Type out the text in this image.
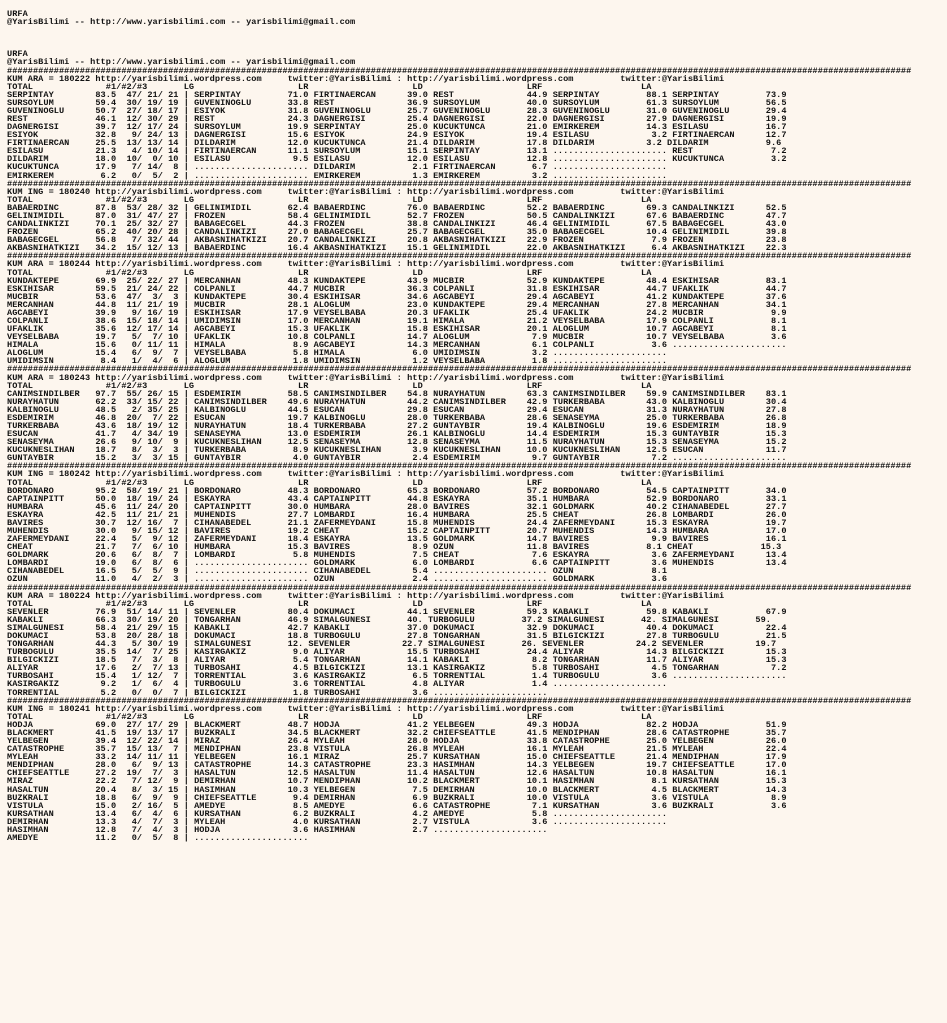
URFA
@YarisBilimi -- http://www.yarisbilimi.com -- yarisbilimi@gmail.com
URFA
@YarisBilimi -- http://www.yarisbilimi.com -- yarisbilimi@gmail.com
##############################################################################################################################################################################
KUM ARA = 180222 http://yarisbilimi.wordpress.com     twitter:@YarisBilimi : http://yarisbilimi.wordpress.com         twitter:@YarisBilimi
TOTAL              #1/#2/#3       LG                    LR                    LD                    LRF                   LA
SERPINTAY        83.5  47/ 21/ 21 | SERPINTAY         71.0 FIRTINAERCAN      39.0 REST              44.9 SERPINTAY         88.1 SERPINTAY         73.9
SURSOYLUM        59.4  30/ 19/ 19 | GUVENINOGLU       33.8 REST              36.9 SURSOYLUM         40.0 SURSOYLUM         61.3 SURSOYLUM         56.5
GUVENINOGLU      50.7  27/ 18/ 17 | ESIYOK            31.8 GUVENINOGLU       25.7 GUVENINOGLU       28.3 GUVENINOGLU       31.0 GUVENINOGLU       29.4
REST             46.1  12/ 30/ 29 | REST              24.3 DAGNERGISI        25.4 DAGNERGISI        22.0 DAGNERGISI        27.9 DAGNERGISI        19.9
DAGNERGISI       39.7  12/ 17/ 24 | SURSOYLUM         19.9 SERPINTAY         25.0 KUCUKTUNCA        21.0 EMIRKEREM         14.3 ESILASU           16.7
ESIYOK           32.8   9/ 24/ 13 | DAGNERGISI        15.6 ESIYOK            24.9 ESIYOK            19.4 ESILASU            3.2 FIRTINAERCAN      12.7
FIRTINAERCAN     25.5  13/ 13/ 14 | DILDARIM          12.0 KUCUKTUNCA        21.4 DILDARIM          17.8 DILDARIM          3.2 DILDARIM           9.6
ESILASU          21.3   4/ 10/ 14 | FIRTINAERCAN      11.1 SURSOYLUM         15.1 SERPINTAY         13.1 ...................... REST               7.2
DILDARIM         18.0  10/  0/ 10 | ESILASU            9.5 ESILASU           12.0 ESILASU           12.8 ...................... KUCUKTUNCA         3.2
KUCUKTUNCA       17.9   7/ 14/  8 | ...................... DILDARIM           2.1 FIRTINAERCAN       6.7 ......................
EMIRKEREM         6.2   0/  5/  2 | ...................... EMIRKEREM          1.3 EMIRKEREM          3.2 ......................
##############################################################################################################################################################################
KUM ING = 180240 http://yarisbilimi.wordpress.com     twitter:@YarisBilimi : http://yarisbilimi.wordpress.com         twitter:@YarisBilimi
TOTAL              #1/#2/#3       LG                    LR                    LD                    LRF                   LA
BABAERDINC       87.8  53/ 28/ 32 | GELINIMIDIL       62.4 BABAERDINC        76.0 BABAERDINC        52.2 BABAERDINC        69.3 CANDALINKIZI      52.5
GELINIMIDIL      87.0  31/ 47/ 27 | FROZEN            58.4 GELINIMIDIL       52.7 FROZEN            50.5 CANDALINKIZI      67.6 BABAERDINC        47.7
CANDALINKIZI     70.1  25/ 32/ 27 | BABAGECGEL        44.3 FROZEN            38.8 CANDALINKIZI      46.4 GELINIMIDIL       67.5 BABAGECGEL        43.0
FROZEN           65.2  40/ 20/ 28 | CANDALINKIZI      27.0 BABAGECGEL        25.7 BABAGECGEL        35.0 BABAGECGEL        10.4 GELINIMIDIL       39.8
BABAGECGEL       56.8   7/ 32/ 44 | AKBASNIHATKIZI    20.7 CANDALINKIZI      20.8 AKBASNIHATKIZI    22.9 FROZEN             7.9 FROZEN            23.8
AKBASNIHATKIZI   34.2  15/ 12/ 13 | BABAERDINC        16.4 AKBASNIHATKIZI    15.1 GELINIMIDIL       22.0 AKBASNIHATKIZI     6.4 AKBASNIHATKIZI    22.3
##############################################################################################################################################################################
KUM ARA = 180244 http://yarisbilimi.wordpress.com     twitter:@YarisBilimi : http://yarisbilimi.wordpress.com         twitter:@YarisBilimi
TOTAL              #1/#2/#3       LG                    LR                    LD                    LRF                   LA
KUNDAKTEPE       69.9  25/ 22/ 27 | MERCANHAN         48.3 KUNDAKTEPE        43.9 MUCBIR            52.9 KUNDAKTEPE        48.4 ESKIHISAR         83.1
ESKIHISAR        59.5  21/ 24/ 22 | COLPANLI          44.7 MUCBIR            36.3 COLPANLI          31.8 ESKIHISAR         44.7 UFAKLIK           44.7
MUCBIR           53.6  47/  3/  3 | KUNDAKTEPE        30.4 ESKIHISAR         34.6 AGCABEYI          29.4 AGCABEYI          41.2 KUNDAKTEPE        37.6
MERCANHAN        44.8  11/ 21/ 19 | MUCBIR            28.1 ALOGLUM           23.0 KUNDAKTEPE        29.4 MERCANHAN         27.8 MERCANHAN         34.1
AGCABEYI         39.9   9/ 16/ 19 | ESKIHISAR         17.9 VEYSELBABA        20.3 UFAKLIK           25.4 UFAKLIK           24.2 MUCBIR             9.9
COLPANLI         38.6  15/ 18/ 14 | UMIDIMSIN         17.0 MERCANHAN         19.1 HIMALA            21.2 VEYSELBABA        17.9 COLPANLI           8.1
UFAKLIK          35.6  12/ 17/ 14 | AGCABEYI          15.3 UFAKLIK           15.8 ESKIHISAR         20.1 ALOGLUM           10.7 AGCABEYI           8.1
VEYSELBABA       19.7   5/  7/ 10 | UFAKLIK           10.8 COLPANLI          14.7 ALOGLUM            7.9 MUCBIR            10.7 VEYSELBABA         3.6
HIMALA           15.6   0/ 11/ 11 | HIMALA             8.9 AGCABEYI          14.3 MERCANHAN          6.1 COLPANLI           3.6 ......................
ALOGLUM          15.4   6/  9/  7 | VEYSELBABA         5.8 HIMALA             6.0 UMIDIMSIN          3.2 ......................
UMIDIMSIN         8.4   1/  4/  6 | ALOGLUM            1.8 UMIDIMSIN          1.2 VEYSELBABA         1.8 ......................
##############################################################################################################################################################################
KUM ARA = 180243 http://yarisbilimi.wordpress.com     twitter:@YarisBilimi : http://yarisbilimi.wordpress.com         twitter:@YarisBilimi
TOTAL              #1/#2/#3       LG                    LR                    LD                    LRF                   LA
CANIMSINDILBER   97.7  55/ 26/ 15 | ESDEMIRIM         58.5 CANIMSINDILBER    54.8 NURAYHATUN        63.3 CANIMSINDILBER    59.9 CANIMSINDILBER    83.1
NURAYHATUN       62.2  33/ 15/ 22 | CANIMSINDILBER    49.6 NURAYHATUN        44.2 CANIMSINDILBER    42.9 TURKERBABA        43.0 KALBINOGLU        30.4
KALBINOGLU       48.5   2/ 35/ 25 | KALBINOGLU        44.5 ESUCAN            29.8 ESUCAN            29.4 ESUCAN            31.3 NURAYHATUN        27.8
ESDEMIRIM        46.8  20/  7/ 22 | ESUCAN            19.7 KALBINOGLU        28.0 TURKERBABA        28.6 SENASEYMA         25.0 TURKERBABA        26.8
TURKERBABA       43.6  18/ 19/ 12 | NURAYHATUN        18.4 TURKERBABA        27.2 GUNTAYBIR         19.4 KALBINOGLU        19.6 ESDEMIRIM         18.9
ESUCAN           41.7   4/ 34/ 19 | SENASEYMA         13.0 ESDEMIRIM         26.1 KALBINOGLU        14.4 ESDEMIRIM         15.3 GUNTAYBIR         15.3
SENASEYMA        26.6   9/ 10/  9 | KUCUKNESLIHAN     12.5 SENASEYMA         12.8 SENASEYMA         11.5 NURAYHATUN        15.3 SENASEYMA         15.2
KUCUKNESLIHAN    18.7   8/  3/  3 | TURKERBABA         8.9 KUCUKNESLIHAN      3.9 KUCUKNESLIHAN     10.0 KUCUKNESLIHAN     12.5 ESUCAN            11.7
GUNTAYBIR        15.2   3/  3/ 15 | GUNTAYBIR          4.0 GUNTAYBIR          2.4 ESDEMIRIM          9.7 GUNTAYBIR          7.2 ......................
##############################################################################################################################################################################
KUM ING = 180242 http://yarisbilimi.wordpress.com     twitter:@YarisBilimi : http://yarisbilimi.wordpress.com         twitter:@YarisBilimi
TOTAL              #1/#2/#3       LG                    LR                    LD                    LRF                   LA
BORDONARO        95.2  58/ 19/ 21 | BORDONARO         48.3 BORDONARO         65.3 BORDONARO         57.2 BORDONARO         54.5 CAPTAINPITT       34.0
CAPTAINPITT      50.0  18/ 19/ 24 | ESKAYRA           43.4 CAPTAINPITT       44.8 ESKAYRA           35.1 HUMBARA           52.9 BORDONARO         33.1
HUMBARA          45.6  11/ 24/ 20 | CAPTAINPITT       30.0 HUMBARA           28.0 BAVIRES           32.1 GOLDMARK          40.2 CIHANABEDEL       27.7
ESKAYRA          42.5  11/ 21/ 21 | MUHENDIS          27.7 LOMBARDI          16.4 HUMBARA           25.5 CHEAT             26.8 LOMBARDI          26.0
BAVIRES          30.7  12/ 16/  7 | CIHANABEDEL       21.1 ZAFERMEYDANI      15.8 MUHENDIS          24.4 ZAFERMEYDANI      15.3 ESKAYRA           19.7
MUHENDIS         30.0   9/ 15/ 12 | BAVIRES           19.2 CHEAT             15.2 CAPTAINPITT       20.7 MUHENDIS          14.3 HUMBARA           17.0
ZAFERMEYDANI     22.4   5/  9/ 12 | ZAFERMEYDANI      18.4 ESKAYRA           13.5 GOLDMARK          14.7 BAVIRES            9.9 BAVIRES           16.1
CHEAT            21.7   7/  6/ 10 | HUMBARA           15.3 BAVIRES            8.9 OZUN              11.8 BAVIRES           8.1 CHEAT             15.3
GOLDMARK         20.6   6/  8/  7 | LOMBARDI           5.8 MUHENDIS           7.5 CHEAT              7.6 ESKAYRA            3.6 ZAFERMEYDANI      13.4
LOMBARDI         19.0   6/  8/  6 | ...................... GOLDMARK           6.0 LOMBARDI           6.6 CAPTAINPITT        3.6 MUHENDIS          13.4
CIHANABEDEL      16.5   5/  5/  9 | ...................... CIHANABEDEL        5.4 ...................... OZUN               8.1
OZUN             11.0   4/  2/  3 | ...................... OZUN               2.4 ...................... GOLDMARK           3.6
##############################################################################################################################################################################
KUM ARA = 180224 http://yarisbilimi.wordpress.com     twitter:@YarisBilimi : http://yarisbilimi.wordpress.com         twitter:@YarisBilimi
TOTAL              #1/#2/#3       LG                    LR                    LD                    LRF                   LA
SEVENLER         76.9  51/ 14/ 11 | SEVENLER          80.4 DOKUMACI          44.1 SEVENLER          59.3 KABAKLI           59.8 KABAKLI           67.9
KABAKLI          66.3  30/ 19/ 20 | TONGARHAN         46.9 SIMALGUNESI       40. TURBOGULU         37.2 SIMALGUNESI       42. SIMALGUNESI       59.
SIMALGUNESI      58.4  21/ 29/ 15 | KABAKLI           42.7 KABAKLI           37.0 DOKUMACI          32.9 DOKUMACI          40.4 DOKUMACI          22.4
DOKUMACI         53.8  20/ 28/ 18 | DOKUMACI          18.8 TURBOGULU         27.8 TONGARHAN         31.5 BILGICKIZI        27.8 TURBOGULU         21.5
TONGARHAN        44.3   5/ 30/ 19 | SIMALGUNESI       12. SEVENLER          22.7 SIMALGUNESI       26. SEVENLER          24.2 SEVENLER          19.7
TURBOGULU        35.5  14/  7/ 25 | KASIRGAKIZ         9.0 ALIYAR            15.5 TURBOSAHI         24.4 ALIYAR            14.3 BILGICKIZI        15.3
BILGICKIZI       18.5   7/  3/  8 | ALIYAR             5.4 TONGARHAN         14.1 KABAKLI            8.2 TONGARHAN         11.7 ALIYAR            15.3
ALIYAR           17.6   2/  7/ 13 | TURBOSAHI          4.5 BILGICKIZI        13.1 KASIRGAKIZ         5.8 TURBOSAHI          4.5 TONGARHAN          7.2
TURBOSAHI        15.4   1/ 12/  7 | TORRENTIAL         3.6 KASIRGAKIZ         6.5 TORRENTIAL         1.4 TURBOGULU          3.6 ......................
KASIRGAKIZ        9.2   1/  6/  4 | TURBOGULU          3.6 TORRENTIAL         4.8 ALIYAR             1.4 ......................
TORRENTIAL        5.2   0/  0/  7 | BILGICKIZI         1.8 TURBOSAHI          3.6 ......................
##############################################################################################################################################################################
KUM ING = 180241 http://yarisbilimi.wordpress.com     twitter:@YarisBilimi : http://yarisbilimi.wordpress.com         twitter:@YarisBilimi
TOTAL              #1/#2/#3       LG                    LR                    LD                    LRF                   LA
HODJA            69.0  27/ 17/ 29 | BLACKMERT         48.7 HODJA             41.2 YELBEGEN          49.3 HODJA             82.2 HODJA             51.9
BLACKMERT        41.5  19/ 13/ 17 | BUZKRALI          34.5 BLACKMERT         32.2 CHIEFSEATTLE      41.5 MENDIPHAN         28.6 CATASTROPHE       35.7
YELBEGEN         39.4  12/ 22/ 14 | MIRAZ             26.4 MYLEAH            28.0 HODJA             33.8 CATASTROPHE       25.0 YELBEGEN          26.0
CATASTROPHE      35.7  15/ 13/  7 | MENDIPHAN         23.8 VISTULA           26.8 MYLEAH            16.1 MYLEAH            21.5 MYLEAH            22.4
MYLEAH           33.2  14/ 11/ 11 | YELBEGEN          16.1 MIRAZ             25.7 KURSATHAN         15.0 CHIEFSEATTLE      21.4 MENDIPHAN         17.9
MENDIPHAN        28.0   6/  9/ 13 | CATASTROPHE       14.3 CATASTROPHE       23.3 HASIMHAN          14.3 YELBEGEN          19.7 CHIEFSEATTLE      17.0
CHIEFSEATTLE     27.2  19/  7/  3 | HASALTUN          12.5 HASALTUN          11.4 HASALTUN          12.6 HASALTUN          10.8 HASALTUN          16.1
MIRAZ            22.2   7/ 12/  9 | DEMIRHAN          10.7 MENDIPHAN         10.2 BLACKMERT         10.1 HASIMHAN           8.1 KURSATHAN         15.3
HASALTUN         20.4   8/  3/ 15 | HASIMHAN          10.3 YELBEGEN           7.5 DEMIRHAN          10.0 BLACKMERT          4.5 BLACKMERT         14.3
BUZKRALI         18.8   6/  9/  9 | CHIEFSEATTLE       9.4 DEMIRHAN           6.9 BUZKRALI          10.0 VISTULA            3.6 VISTULA            8.9
VISTULA          15.0   2/ 16/  5 | AMEDYE             8.5 AMEDYE             6.6 CATASTROPHE        7.1 KURSATHAN          3.6 BUZKRALI           3.6
KURSATHAN        13.4   6/  4/  6 | KURSATHAN          6.2 BUZKRALI           4.2 AMEDYE             5.8 ......................
DEMIRHAN         13.3   4/  7/  3 | MYLEAH             4.0 KURSATHAN          2.7 VISTULA            3.6 ......................
HASIMHAN         12.8   7/  4/  3 | HODJA              3.6 HASIMHAN           2.7 ......................
AMEDYE           11.2   0/  5/  8 | ......................
